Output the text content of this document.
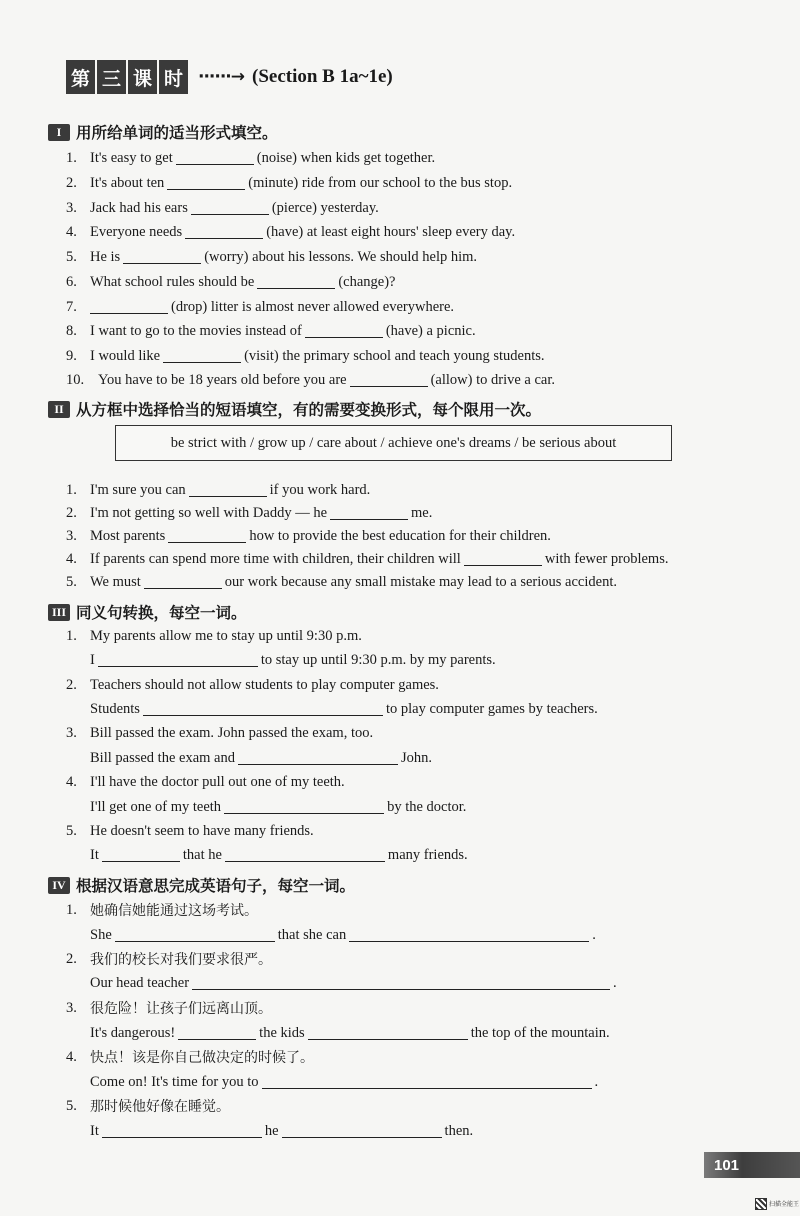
第 三 课 时 ······→ (Section B 1a~1e)
I 用所给单词的适当形式填空。
1. It's easy to get	(noise) when kids get together.
2. It's about ten	(minute) ride from our school to the bus stop.
3. Jack had his ears	(pierce) yesterday.
4. Everyone needs	(have) at least eight hours' sleep every day.
5. He is	(worry) about his lessons. We should help him.
6. What school rules should be	(change)?
7.	(drop) litter is almost never allowed everywhere.
8. I want to go to the movies instead of	(have) a picnic.
9. I would like	(visit) the primary school and teach young students.
10. You have to be 18 years old before you are	(allow) to drive a car.
II 从方框中选择恰当的短语填空，有的需要变换形式，每个限用一次。
be strict with / grow up / care about / achieve one's dreams / be serious about
1. I'm sure you can	if you work hard.
2. I'm not getting so well with Daddy — he	me.
3. Most parents	how to provide the best education for their children.
4. If parents can spend more time with children, their children will	with fewer problems.
5. We must	our work because any small mistake may lead to a serious accident.
III 同义句转换，每空一词。
1. My parents allow me to stay up until 9:30 p.m.
I	to stay up until 9:30 p.m. by my parents.
2. Teachers should not allow students to play computer games.
Students	to play computer games by teachers.
3. Bill passed the exam. John passed the exam, too.
Bill passed the exam and	John.
4. I'll have the doctor pull out one of my teeth.
I'll get one of my teeth	by the doctor.
5. He doesn't seem to have many friends.
It	that he	many friends.
IV 根据汉语意思完成英语句子，每空一词。
1. 她确信她能通过这场考试。
She	that she can	.
2. 我们的校长对我们要求很严。
Our head teacher	.
3. 很危险！让孩子们远离山顶。
It's dangerous!	the kids	the top of the mountain.
4. 快点！该是你自己做决定的时候了。
Come on! It's time for you to	.
5. 那时候他好像在睡觉。
It	he	then.
101
扫描全能王
